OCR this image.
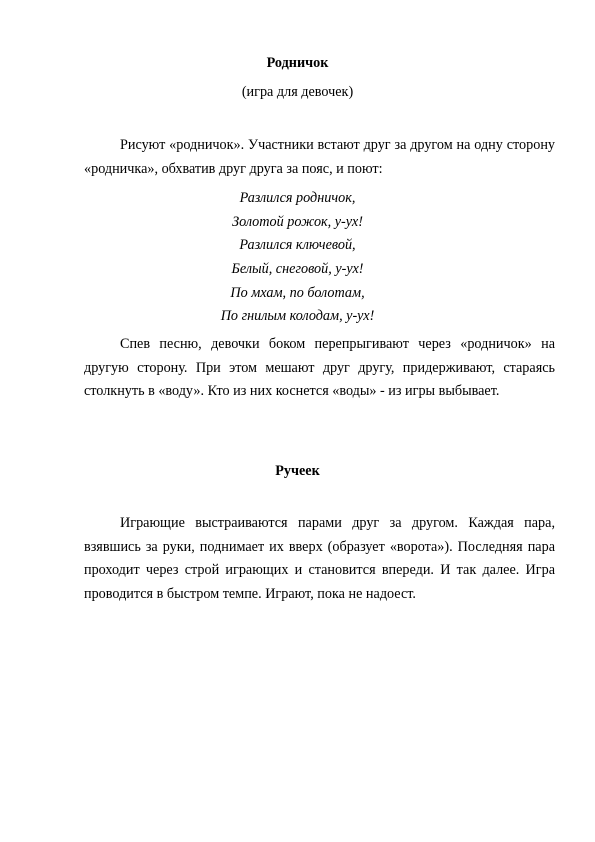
Родничок
(игра для девочек)

Рисуют «родничок». Участники встают друг за другом на одну сторону «родничка», обхватив друг друга за пояс, и поют:

Разлился родничок,
Золотой рожок, у-ух!
Разлился ключевой,
Белый, снеговой, у-ух!
По мхам, по болотам,
По гнилым колодам, у-ух!

Спев песню, девочки боком перепрыгивают через «родничок» на другую сторону. При этом мешают друг другу, придерживают, стараясь столкнуть в «воду». Кто из них коснется «воды» - из игры выбывает.

Ручеек

Играющие выстраиваются парами друг за другом. Каждая пара, взявшись за руки, поднимает их вверх (образует «ворота»). Последняя пара проходит через строй играющих и становится впереди. И так далее. Игра проводится в быстром темпе. Играют, пока не надоест.
